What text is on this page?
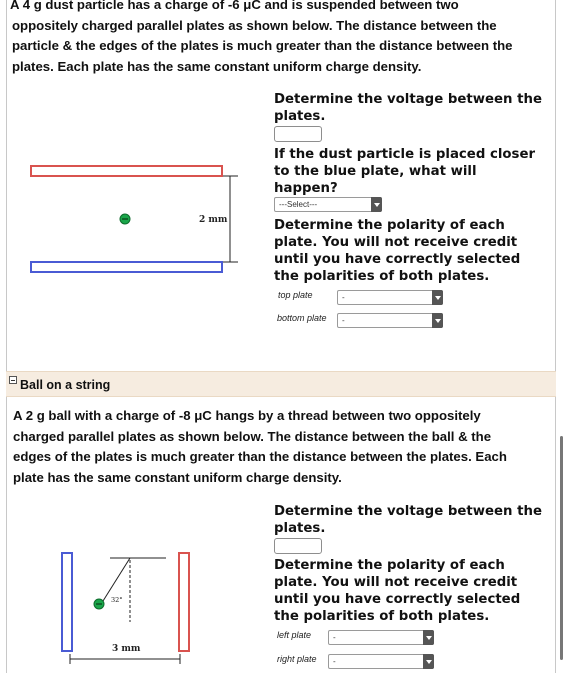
A 4 g dust particle has a charge of -6 μC and is suspended between two
oppositely charged parallel plates as shown below. The distance between the
particle & the edges of the plates is much greater than the distance between the
plates. Each plate has the same constant uniform charge density.
2 mm
Determine the voltage between the
plates.
If the dust particle is placed closer
to the blue plate, what will
happen?
---Select---
Determine the polarity of each
plate. You will not receive credit
until you have correctly selected
the polarities of both plates.
top plate	-
bottom plate -
Ball on a string
A 2 g ball with a charge of -8 μC hangs by a thread between two oppositely
charged parallel plates as shown below. The distance between the ball & the
edges of the plates is much greater than the distance between the plates. Each
plate has the same constant uniform charge density.
32°
3 mm
Determine the voltage between the
plates.
Determine the polarity of each
plate. You will not receive credit
until you have correctly selected
the polarities of both plates.
left plate	-
right plate -
